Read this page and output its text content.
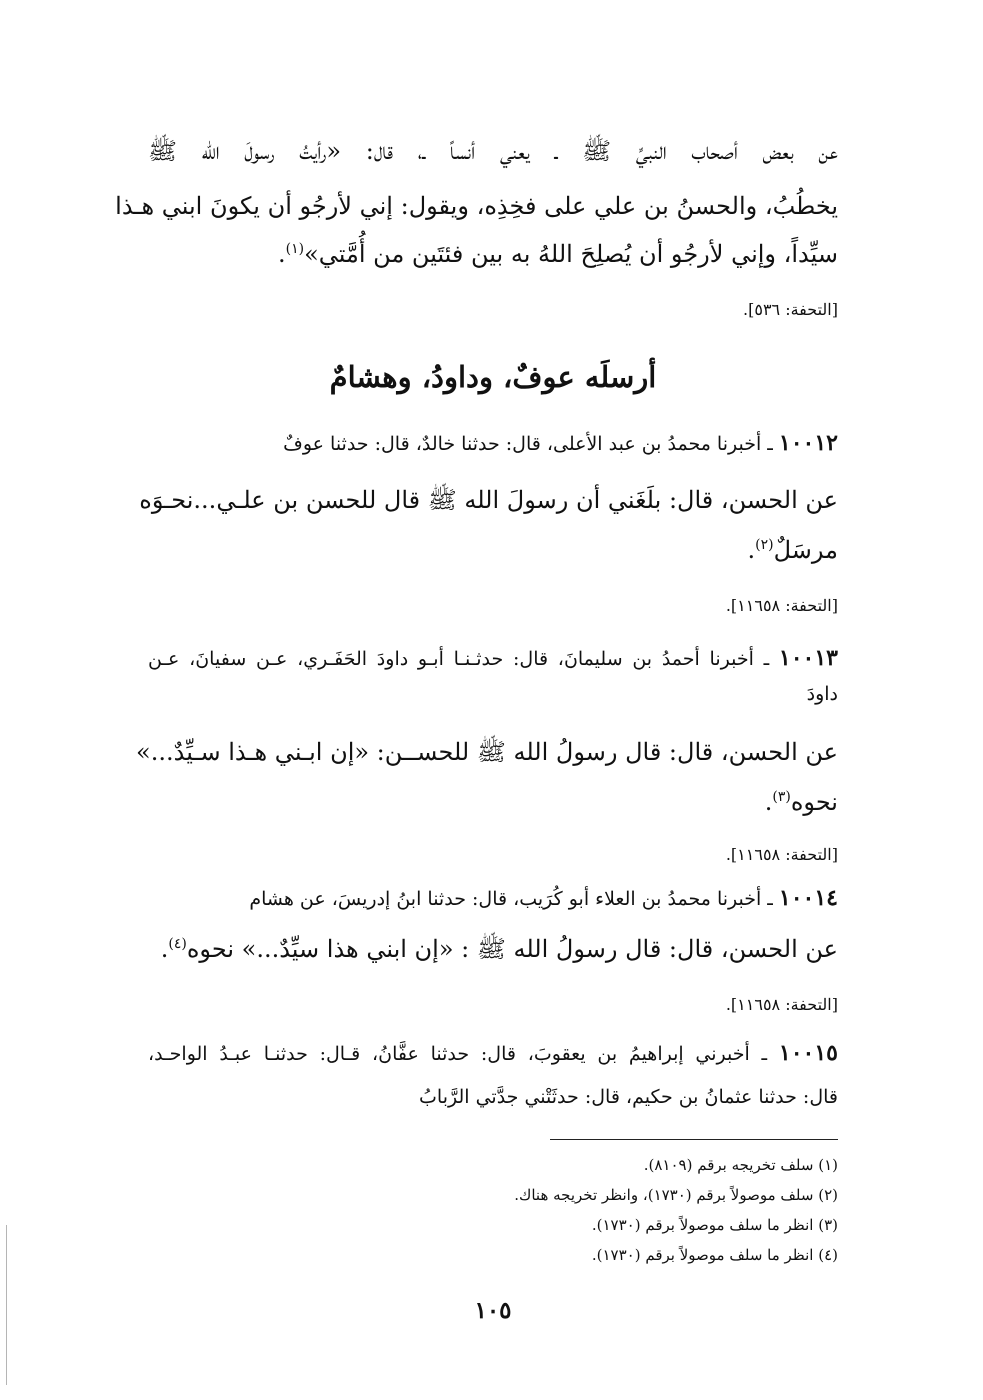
عن بعض أصحاب النبيِّ ﷺ ـ يعني أنساً ـ، قال: «رأيتُ رسولَ الله ﷺ
يخطُبُ، والحسنُ بن علي على فخِذِه، ويقول: إني لأرجُو أن يكونَ ابني هـذا
سيِّداً، وإني لأرجُو أن يُصلِحَ اللهُ به بين فئتَين من أُمَّتي»$^{(١)}$.
[التحفة: ٥٣٦].
أرسلَه عوفٌ، وداودُ، وهشامٌ
١٠٠١٢ ـ أخبرنا محمدُ بن عبد الأعلى، قال: حدثنا خالدٌ، قال: حدثنا عوفٌ
عن الحسن، قال: بلَغَني أن رسولَ الله ﷺ قال للحسن بن علـي...نحـوَه
مرسَلٌ$^{(٢)}$.
[التحفة: ١١٦٥٨].
١٠٠١٣ ـ أخبرنا أحمدُ بن سليمانَ، قال: حدثـنـا أبـو داودَ الحَفَـري، عـن سفيانَ، عـن
داودَ
عن الحسن، قال: قال رسولُ الله ﷺ للحســن: «إن ابـني هـذا سـيِّدٌ...»
نحوه$^{(٣)}$.
[التحفة: ١١٦٥٨].
١٠٠١٤ ـ أخبرنا محمدُ بن العلاء أبو كُرَيب، قال: حدثنا ابنُ إدريسَ، عن هشام
عن الحسن، قال: قال رسولُ الله ﷺ : «إن ابني هذا سيِّدٌ...» نحوه$^{(٤)}$.
[التحفة: ١١٦٥٨].
١٠٠١٥ ـ أخبرني إبراهيمُ بن يعقوبَ، قال: حدثنا عفَّانُ، قـال: حدثنـا عبـدُ الواحـد،
قال: حدثنا عثمانُ بن حكيم، قال: حدثَتْني جدَّتي الرَّبابُ
(١) سلف تخريجه برقم (٨١٠٩).
(٢) سلف موصولاً برقم (١٧٣٠)، وانظر تخريجه هناك.
(٣) انظر ما سلف موصولاً برقم (١٧٣٠).
(٤) انظر ما سلف موصولاً برقم (١٧٣٠).
١٠٥
